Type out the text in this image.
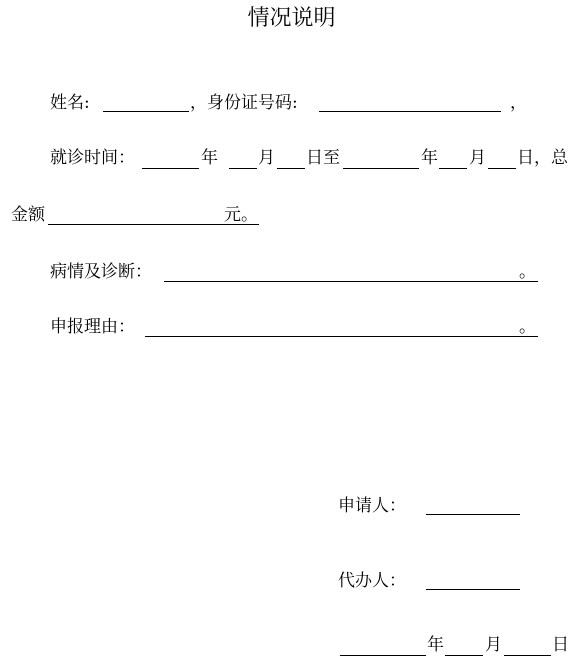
情况说明
姓名:	，身份证号码:	，
就诊时间：	年 月 日至	年 月 日，总
金额	元。
病情及诊断：	。
申报理由：	。
申请人：
代办人：
年 月	日
